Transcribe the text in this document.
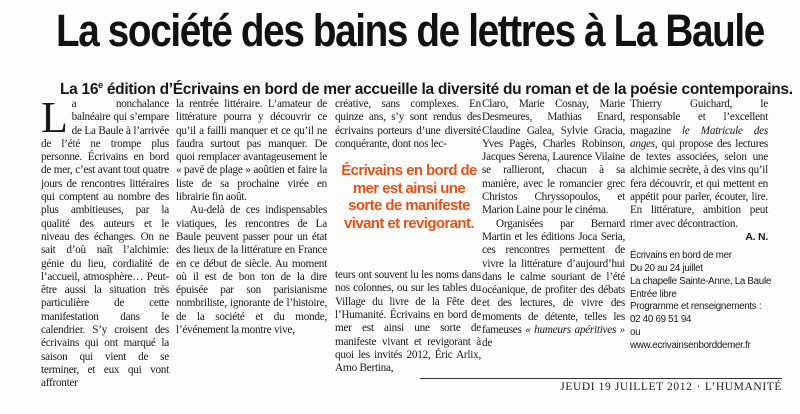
La société des bains de lettres à La Baule
La 16e édition d’Écrivains en bord de mer accueille la diversité du roman et de la poésie contemporains.

La nonchalance balnéaire qui s’empare de La Baule à l’arrivée de l’été ne trompe plus personne. Écrivains en bord de mer, c’est avant tout quatre jours de rencontres littéraires qui comptent au nombre des plus ambitieuses, par la qualité des auteurs et le niveau des échanges. On ne sait d’où naît l’alchimie: génie du lieu, cordialité de l’accueil, atmosphère… Peut-être aussi la situation très particulière de cette manifestation dans le calendrier. S’y croisent des écrivains qui ont marqué la saison qui vient de se terminer, et eux qui vont affronter

la rentrée littéraire. L’amateur de littérature pourra y découvrir ce qu’il a failli manquer et ce qu’il ne faudra surtout pas manquer. De quoi remplacer avantageusement le « pavé de plage » aoûtien et faire la liste de sa prochaine virée en librairie fin août.

Au-delà de ces indispensables viatiques, les rencontres de La Baule peuvent passer pour un état des lieux de la littérature en France en ce début de siècle. Au moment où il est de bon ton de la dire épuisée par son parisianisme nombriliste, ignorante de l’histoire, de la société et du monde, l’événement la montre vive,

créative, sans complexes. En quinze ans, s’y sont rendus des écrivains porteurs d’une diversité conquérante, dont nos lec-

teurs ont souvent lu les noms dans nos colonnes, ou sur les tables du Village du livre de la Fête de l’Humanité. Écrivains en bord de mer est ainsi une sorte de manifeste vivant et revigorant à quoi les invités 2012, Éric Arlix, Arno Bertina,

Écrivains en bord de mer est ainsi une sorte de manifeste vivant et revigorant.

Claro, Marie Cosnay, Marie Desmeures, Mathias Enard, Claudine Galea, Sylvie Gracia, Yves Pagès, Charles Robinson, Jacques Serena, Laurence Vilaine se rallieront, chacun à sa manière, avec le romancier grec Christos Chryssopoulos, et Marion Laine pour le cinéma.

Organisées par Bernard Martin et les éditions Joca Seria, ces rencontres permettent de vivre la littérature d’aujourd’hui dans le calme souriant de l’été océanique, de profiter des débats et des lectures, de vivre des moments de détente, telles les fameuses « humeurs apéritives » de

Thierry Guichard, le responsable et l’excellent magazine le Matricule des anges, qui propose des lectures de textes associées, selon une alchimie secrète, à des vins qu’il fera découvrir, et qui mettent en appétit pour parler, écouter, lire. En littérature, ambition peut rimer avec décontraction.

A. N.
Écrivains en bord de mer
Du 20 au 24 juillet
La chapelle Sainte-Anne, La Baule
Entrée libre
Programme et renseignements :
02 40 69 51 94
ou
www.ecrivainsenborddemer.fr
JEUDI 19 JUILLET 2012 · L’HUMANITÉ
